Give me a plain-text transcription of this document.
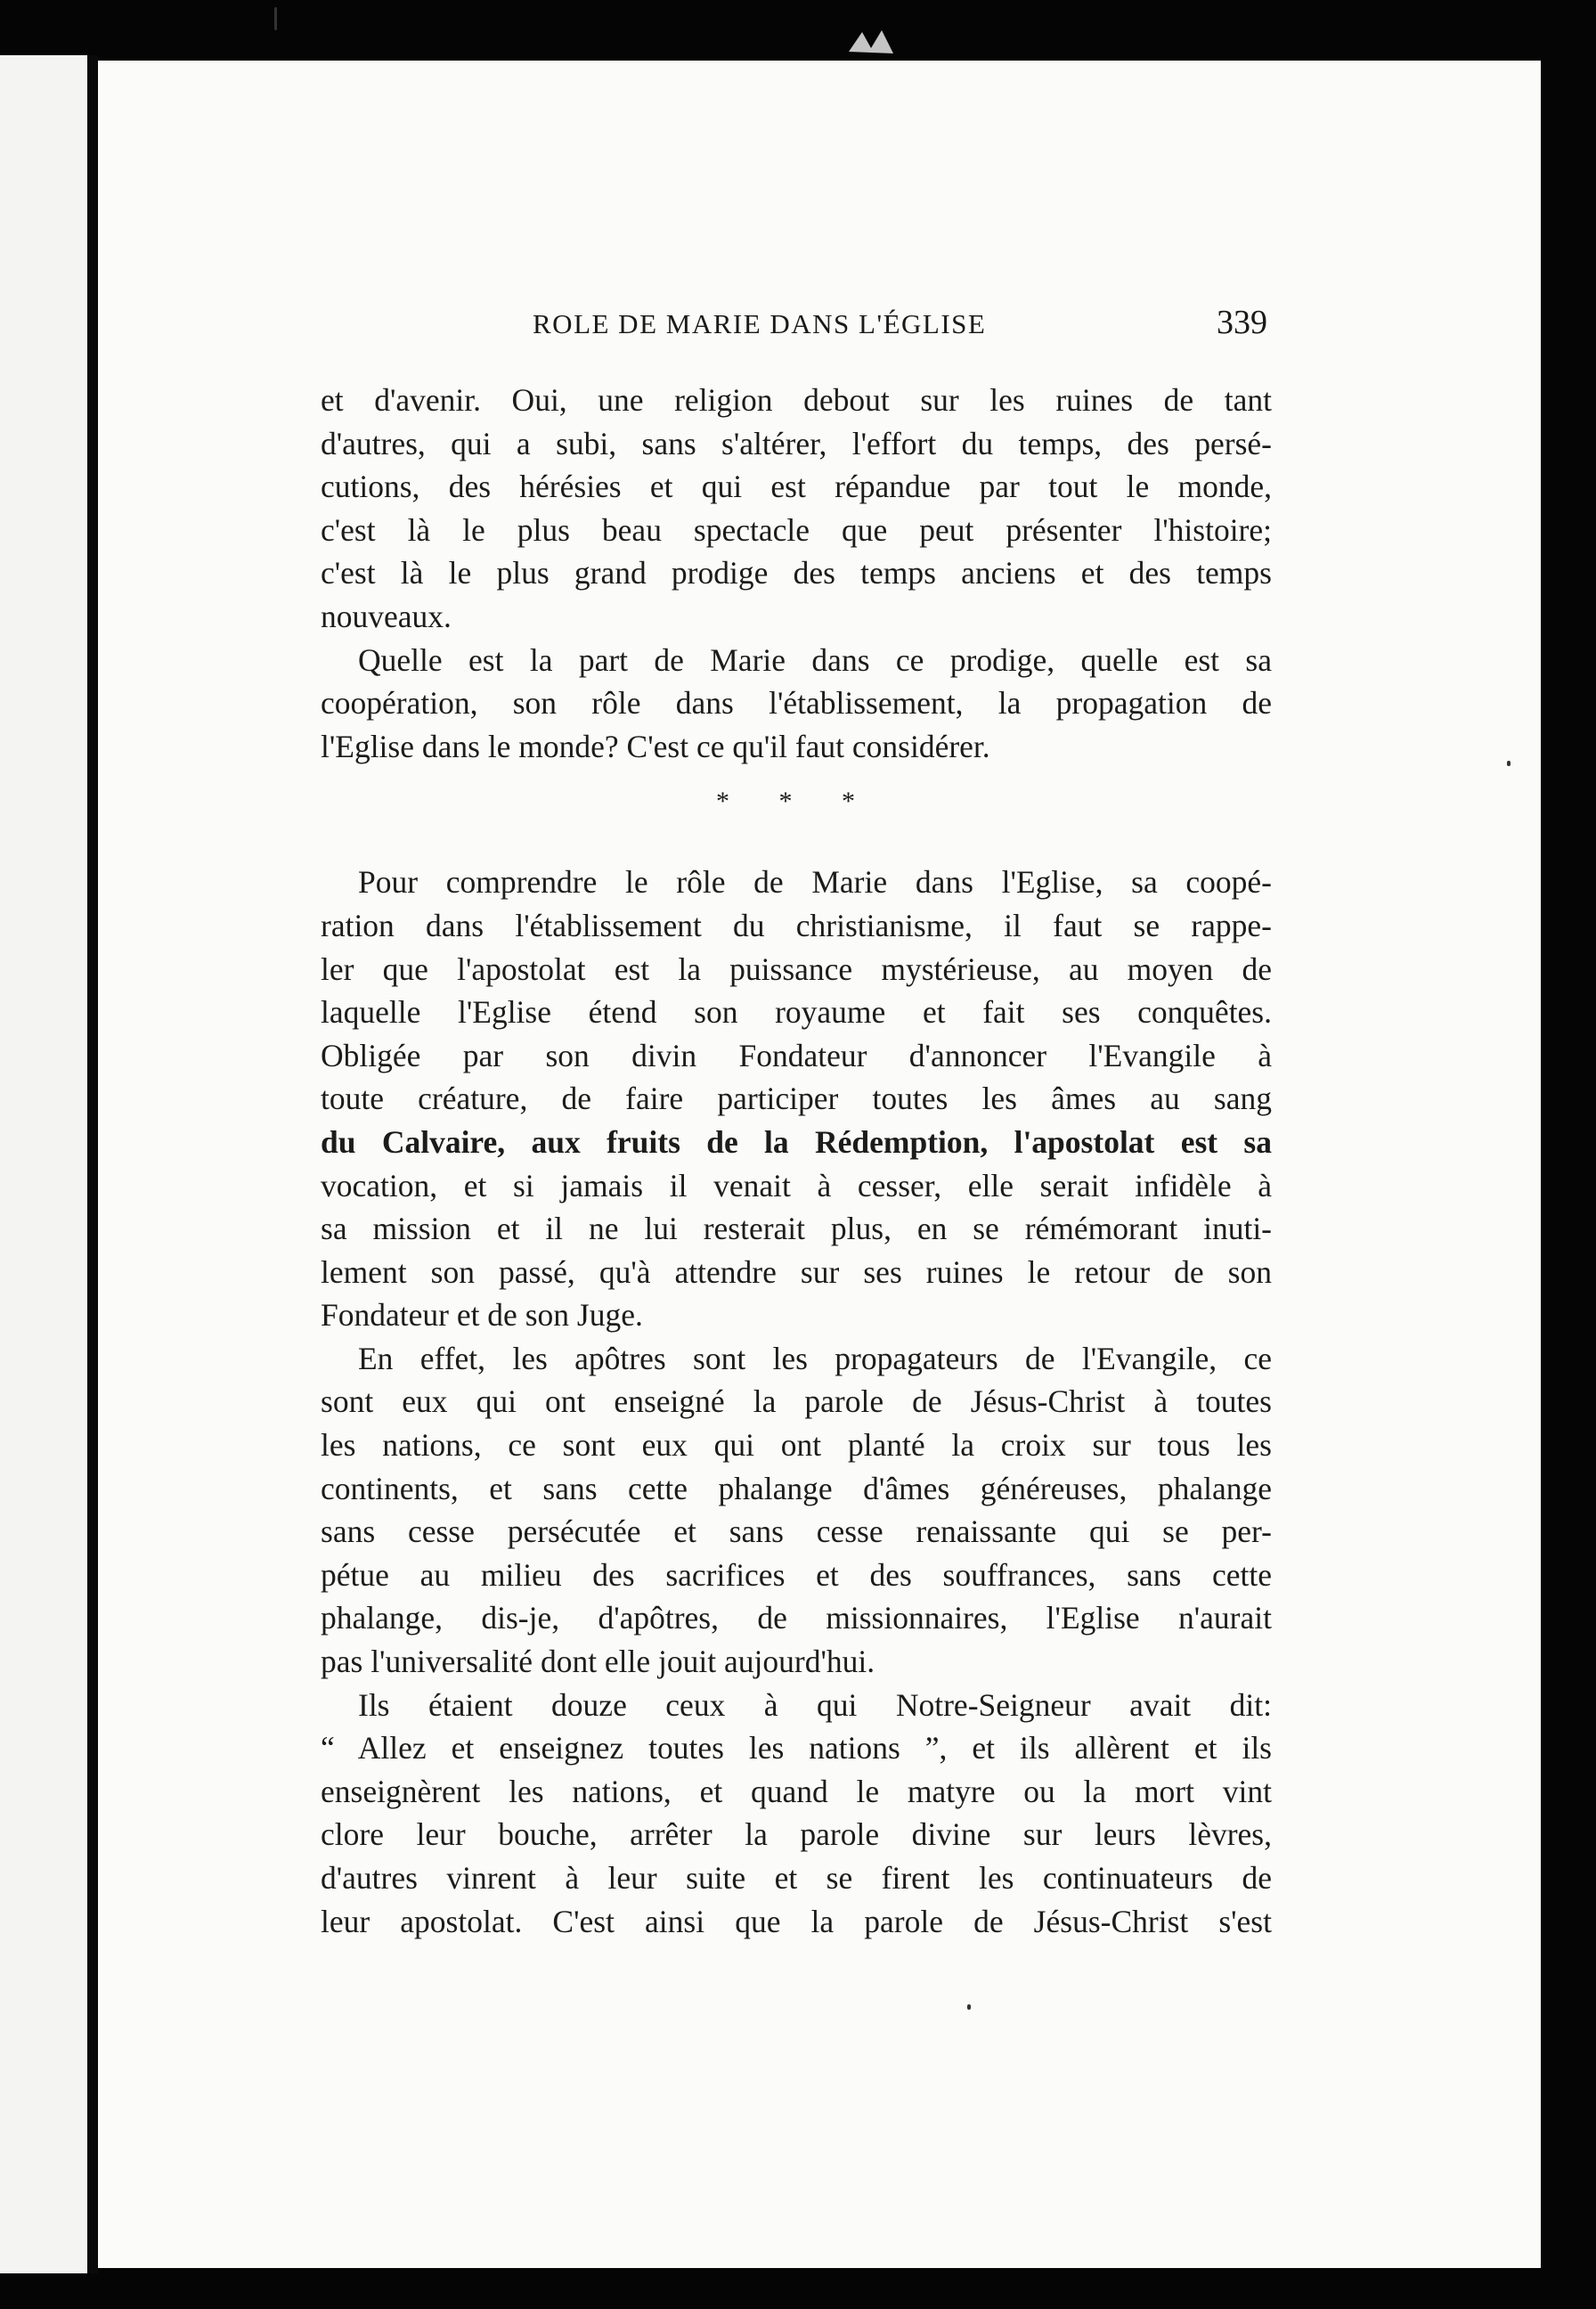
ROLE DE MARIE DANS L'ÉGLISE	339
et d'avenir. Oui, une religion debout sur les ruines de tant
d'autres, qui a subi, sans s'altérer, l'effort du temps, des persé-
cutions, des hérésies et qui est répandue par tout le monde,
c'est là le plus beau spectacle que peut présenter l'histoire;
c'est là le plus grand prodige des temps anciens et des temps
nouveaux.
Quelle est la part de Marie dans ce prodige, quelle est sa
coopération, son rôle dans l'établissement, la propagation de
l'Eglise dans le monde? C'est ce qu'il faut considérer.
* * *
Pour comprendre le rôle de Marie dans l'Eglise, sa coopé-
ration dans l'établissement du christianisme, il faut se rappe-
ler que l'apostolat est la puissance mystérieuse, au moyen de
laquelle l'Eglise étend son royaume et fait ses conquêtes.
Obligée par son divin Fondateur d'annoncer l'Evangile à
toute créature, de faire participer toutes les âmes au sang
du Calvaire, aux fruits de la Rédemption, l'apostolat est sa
vocation, et si jamais il venait à cesser, elle serait infidèle à
sa mission et il ne lui resterait plus, en se rémémorant inuti-
lement son passé, qu'à attendre sur ses ruines le retour de son
Fondateur et de son Juge.
En effet, les apôtres sont les propagateurs de l'Evangile, ce
sont eux qui ont enseigné la parole de Jésus-Christ à toutes
les nations, ce sont eux qui ont planté la croix sur tous les
continents, et sans cette phalange d'âmes généreuses, phalange
sans cesse persécutée et sans cesse renaissante qui se per-
pétue au milieu des sacrifices et des souffrances, sans cette
phalange, dis-je, d'apôtres, de missionnaires, l'Eglise n'aurait
pas l'universalité dont elle jouit aujourd'hui.
Ils étaient douze ceux à qui Notre-Seigneur avait dit:
“ Allez et enseignez toutes les nations ”, et ils allèrent et ils
enseignèrent les nations, et quand le matyre ou la mort vint
clore leur bouche, arrêter la parole divine sur leurs lèvres,
d'autres vinrent à leur suite et se firent les continuateurs de
leur apostolat. C'est ainsi que la parole de Jésus-Christ s'est
